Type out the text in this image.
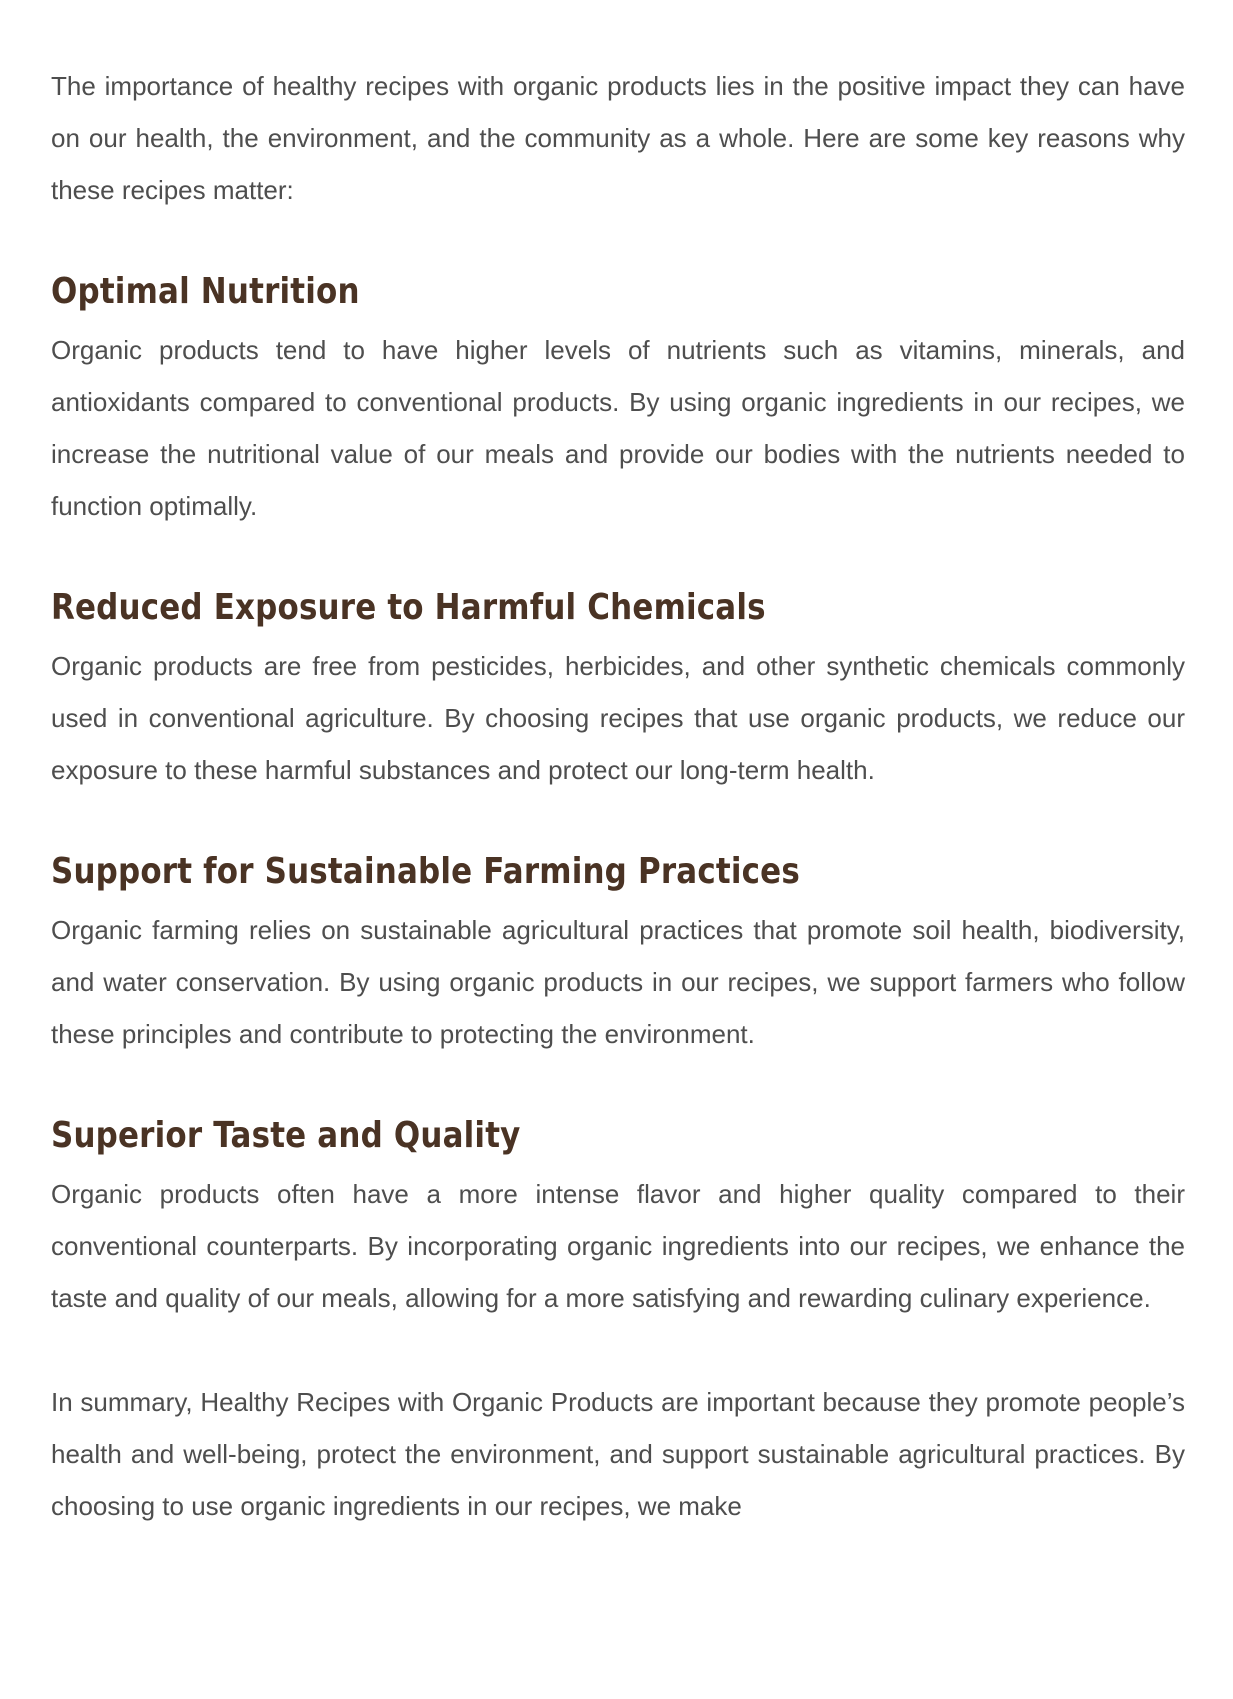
The importance of healthy recipes with organic products lies in the positive impact they can have on our health, the environment, and the community as a whole. Here are some key reasons why these recipes matter:

Optimal Nutrition

Organic products tend to have higher levels of nutrients such as vitamins, minerals, and antioxidants compared to conventional products. By using organic ingredients in our recipes, we increase the nutritional value of our meals and provide our bodies with the nutrients needed to function optimally.

Reduced Exposure to Harmful Chemicals

Organic products are free from pesticides, herbicides, and other synthetic chemicals commonly used in conventional agriculture. By choosing recipes that use organic products, we reduce our exposure to these harmful substances and protect our long-term health.

Support for Sustainable Farming Practices

Organic farming relies on sustainable agricultural practices that promote soil health, biodiversity, and water conservation. By using organic products in our recipes, we support farmers who follow these principles and contribute to protecting the environment.

Superior Taste and Quality

Organic products often have a more intense flavor and higher quality compared to their conventional counterparts. By incorporating organic ingredients into our recipes, we enhance the taste and quality of our meals, allowing for a more satisfying and rewarding culinary experience.

In summary, Healthy Recipes with Organic Products are important because they promote people’s health and well-being, protect the environment, and support sustainable agricultural practices. By choosing to use organic ingredients in our recipes, we make
